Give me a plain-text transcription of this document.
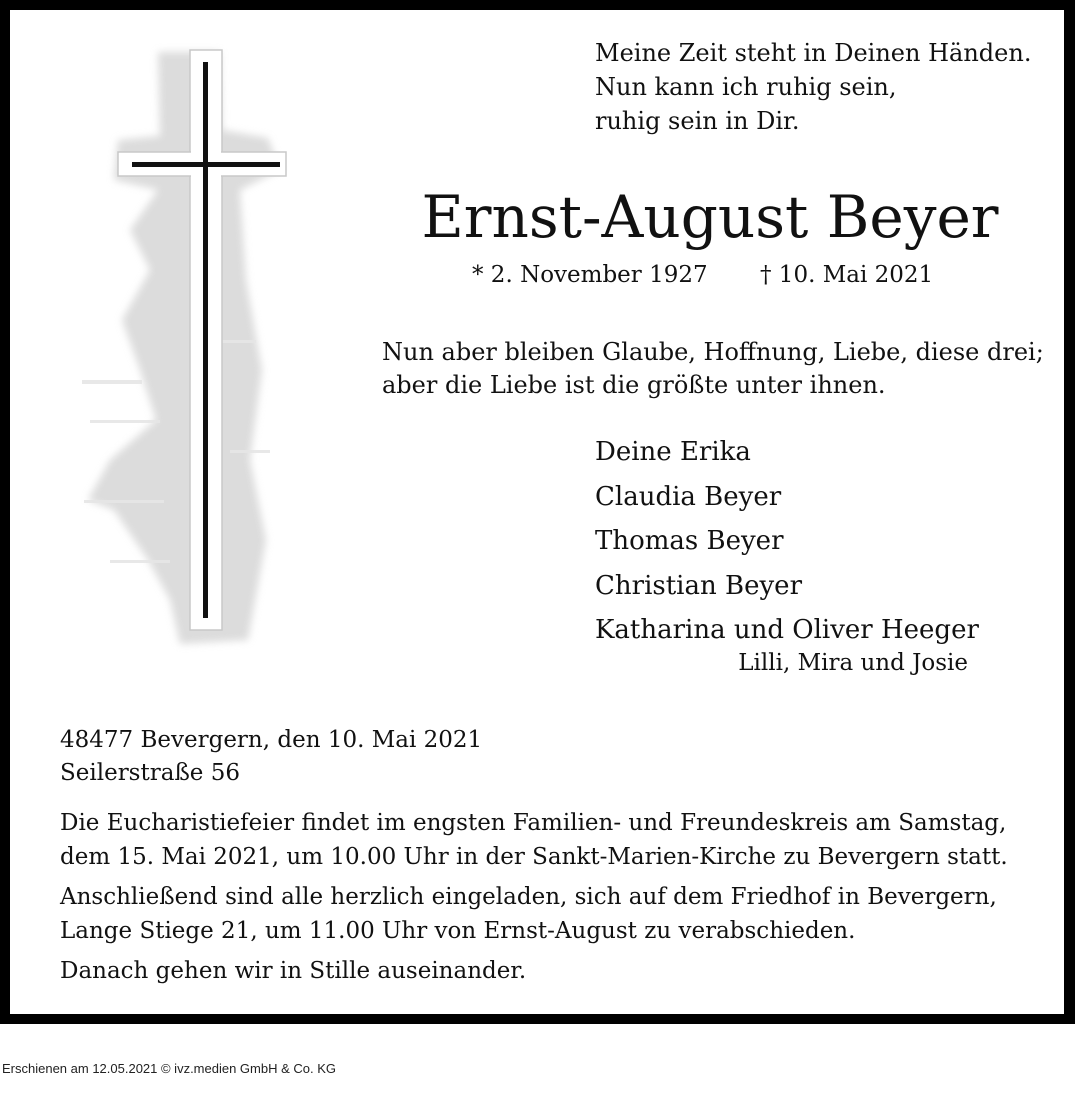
Meine Zeit steht in Deinen Händen.
Nun kann ich ruhig sein,
ruhig sein in Dir.
Ernst-August Beyer
* 2. November 1927 † 10. Mai 2021
Nun aber bleiben Glaube, Hoffnung, Liebe, diese drei;
aber die Liebe ist die größte unter ihnen.
Deine Erika
Claudia Beyer
Thomas Beyer
Christian Beyer
Katharina und Oliver Heeger
Lilli, Mira und Josie
48477 Bevergern, den 10. Mai 2021
Seilerstraße 56

Die Eucharistiefeier findet im engsten Familien- und Freundeskreis am Samstag, dem 15. Mai 2021, um 10.00 Uhr in der Sankt-Marien-Kirche zu Bevergern statt.

Anschließend sind alle herzlich eingeladen, sich auf dem Friedhof in Bevergern, Lange Stiege 21, um 11.00 Uhr von Ernst-August zu verabschieden.

Danach gehen wir in Stille auseinander.

Erschienen am 12.05.2021 © ivz.medien GmbH & Co. KG
